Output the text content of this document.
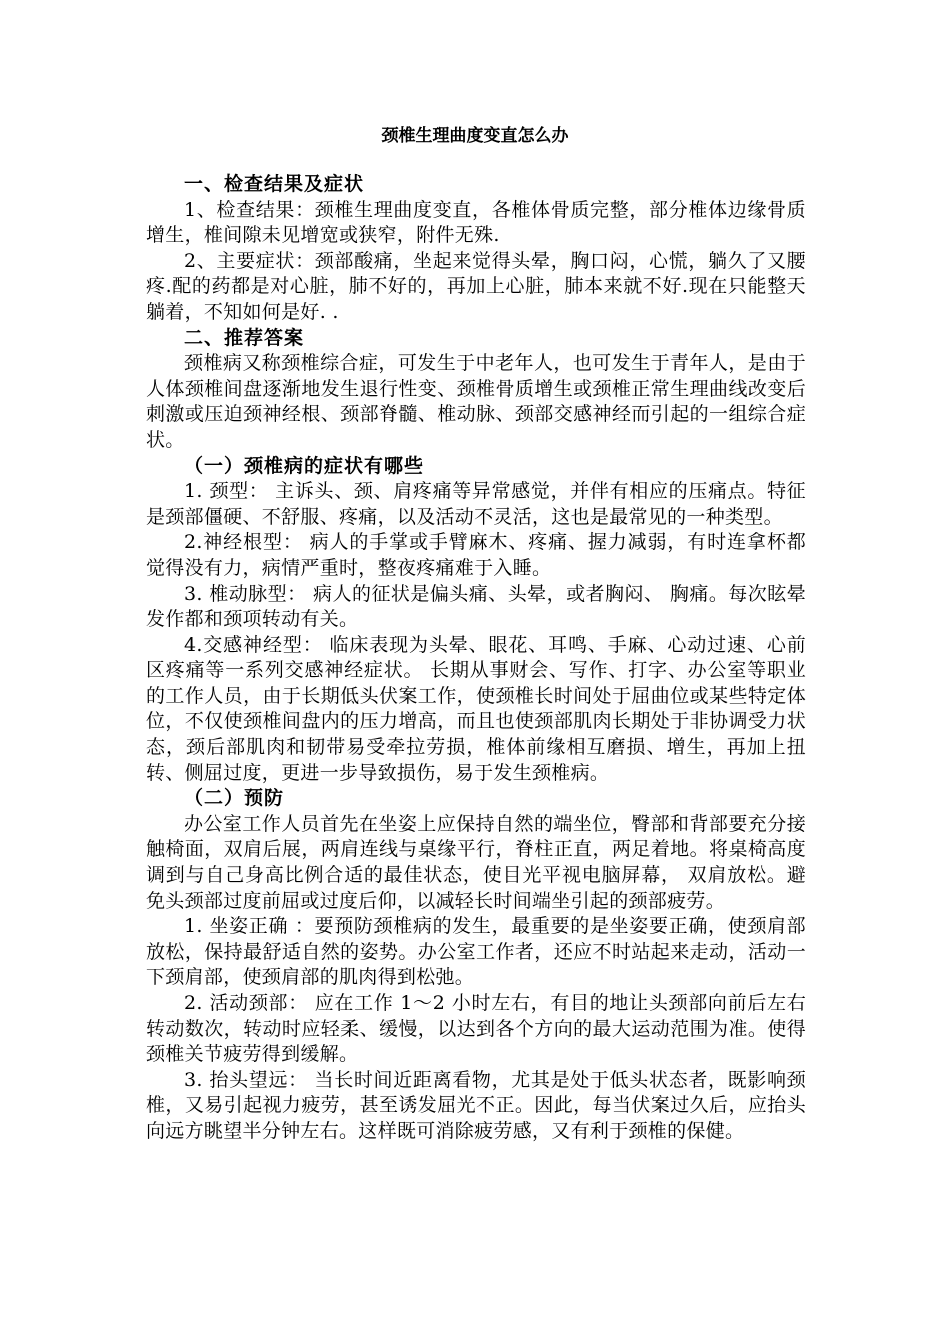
颈椎生理曲度变直怎么办

一、检查结果及症状

1、检查结果：颈椎生理曲度变直，各椎体骨质完整，部分椎体边缘骨质增生，椎间隙未见增宽或狭窄，附件无殊.

2、主要症状：颈部酸痛，坐起来觉得头晕，胸口闷，心慌，躺久了又腰疼.配的药都是对心脏，肺不好的，再加上心脏，肺本来就不好.现在只能整天躺着，不知如何是好. .

二、推荐答案

颈椎病又称颈椎综合症，可发生于中老年人，也可发生于青年人，是由于人体颈椎间盘逐渐地发生退行性变、颈椎骨质增生或颈椎正常生理曲线改变后刺激或压迫颈神经根、颈部脊髓、椎动脉、颈部交感神经而引起的一组综合症状。

（一）颈椎病的症状有哪些

1. 颈型： 主诉头、颈、肩疼痛等异常感觉，并伴有相应的压痛点。特征是颈部僵硬、不舒服、疼痛，以及活动不灵活，这也是最常见的一种类型。

2.神经根型： 病人的手掌或手臂麻木、疼痛、握力减弱，有时连拿杯都觉得没有力，病情严重时，整夜疼痛难于入睡。

3. 椎动脉型： 病人的征状是偏头痛、头晕，或者胸闷、 胸痛。每次眩晕发作都和颈项转动有关。

4.交感神经型： 临床表现为头晕、眼花、耳鸣、手麻、心动过速、心前区疼痛等一系列交感神经症状。 长期从事财会、写作、打字、办公室等职业的工作人员，由于长期低头伏案工作，使颈椎长时间处于屈曲位或某些特定体位，不仅使颈椎间盘内的压力增高，而且也使颈部肌肉长期处于非协调受力状态，颈后部肌肉和韧带易受牵拉劳损，椎体前缘相互磨损、增生，再加上扭转、侧屈过度，更进一步导致损伤，易于发生颈椎病。

（二）预防

办公室工作人员首先在坐姿上应保持自然的端坐位，臀部和背部要充分接触椅面，双肩后展，两肩连线与桌缘平行，脊柱正直，两足着地。将桌椅高度调到与自己身高比例合适的最佳状态，使目光平视电脑屏幕， 双肩放松。避免头颈部过度前屈或过度后仰，以减轻长时间端坐引起的颈部疲劳。

1. 坐姿正确 ：要预防颈椎病的发生，最重要的是坐姿要正确，使颈肩部放松，保持最舒适自然的姿势。办公室工作者，还应不时站起来走动，活动一下颈肩部，使颈肩部的肌肉得到松弛。

2. 活动颈部： 应在工作 1～2 小时左右，有目的地让头颈部向前后左右转动数次，转动时应轻柔、缓慢，以达到各个方向的最大运动范围为准。使得颈椎关节疲劳得到缓解。

3. 抬头望远： 当长时间近距离看物，尤其是处于低头状态者，既影响颈椎，又易引起视力疲劳，甚至诱发屈光不正。因此，每当伏案过久后，应抬头向远方眺望半分钟左右。这样既可消除疲劳感，又有利于颈椎的保健。
